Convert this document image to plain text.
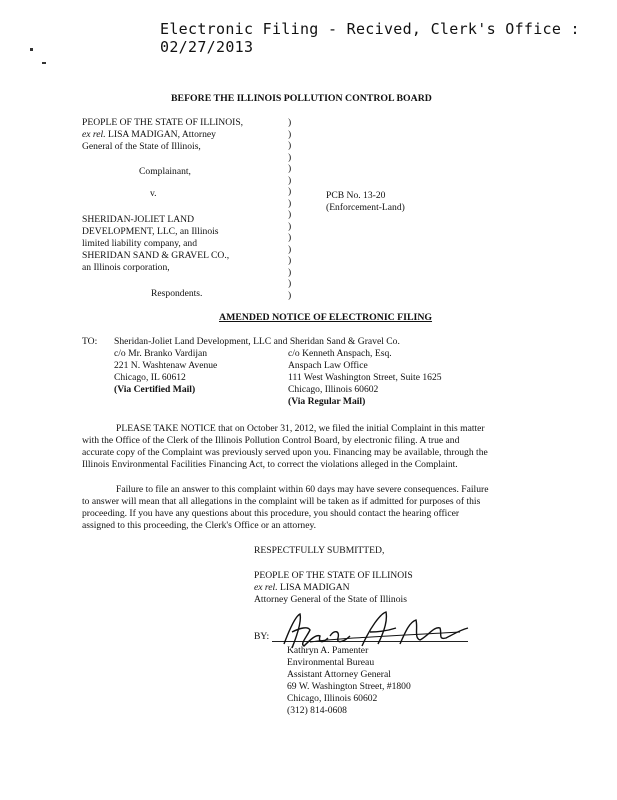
Electronic Filing - Recived, Clerk's Office : 02/27/2013
BEFORE THE ILLINOIS POLLUTION CONTROL BOARD
PEOPLE OF THE STATE OF ILLINOIS,
ex rel. LISA MADIGAN, Attorney
General of the State of Illinois,
Complainant,
v.	PCB No. 13-20
(Enforcement-Land)
SHERIDAN-JOLIET LAND
DEVELOPMENT, LLC, an Illinois
limited liability company, and
SHERIDAN SAND & GRAVEL CO.,
an Illinois corporation,
Respondents.
)
)
)
)
)
)
)
)
)
)
)
)
)
)
)
)
AMENDED NOTICE OF ELECTRONIC FILING
TO: Sheridan-Joliet Land Development, LLC and Sheridan Sand & Gravel Co.
c/o Mr. Branko Vardijan
221 N. Washtenaw Avenue
Chicago, IL 60612
(Via Certified Mail)
c/o Kenneth Anspach, Esq.
Anspach Law Office
111 West Washington Street, Suite 1625
Chicago, Illinois 60602
(Via Regular Mail)
PLEASE TAKE NOTICE that on October 31, 2012, we filed the initial Complaint in this matter
with the Office of the Clerk of the Illinois Pollution Control Board, by electronic filing. A true and
accurate copy of the Complaint was previously served upon you. Financing may be available, through the
Illinois Environmental Facilities Financing Act, to correct the violations alleged in the Complaint.
Failure to file an answer to this complaint within 60 days may have severe consequences. Failure
to answer will mean that all allegations in the complaint will be taken as if admitted for purposes of this
proceeding. If you have any questions about this procedure, you should contact the hearing officer
assigned to this proceeding, the Clerk's Office or an attorney.
RESPECTFULLY SUBMITTED,
PEOPLE OF THE STATE OF ILLINOIS
ex rel. LISA MADIGAN
Attorney General of the State of Illinois
BY:
Kathryn A. Pamenter
Environmental Bureau
Assistant Attorney General
69 W. Washington Street, #1800
Chicago, Illinois 60602
(312) 814-0608
